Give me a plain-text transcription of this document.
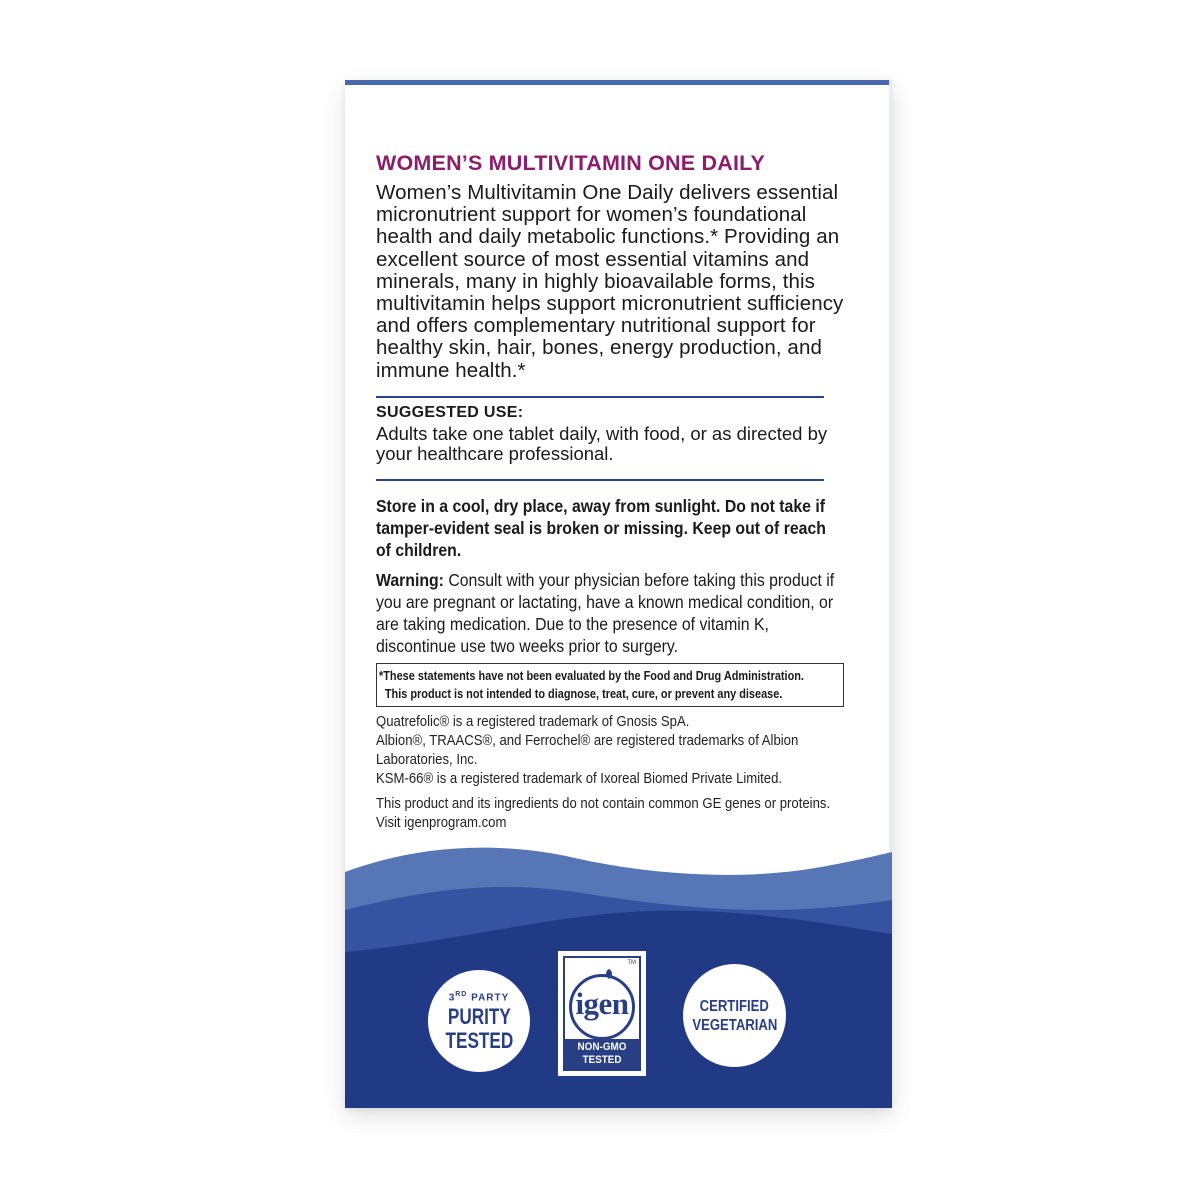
WOMEN’S MULTIVITAMIN ONE DAILY

Women’s Multivitamin One Daily delivers essential micronutrient support for women’s foundational health and daily metabolic functions.* Providing an excellent source of most essential vitamins and minerals, many in highly bioavailable forms, this multivitamin helps support micronutrient sufficiency and offers complementary nutritional support for healthy skin, hair, bones, energy production, and immune health.*

SUGGESTED USE:
Adults take one tablet daily, with food, or as directed by your healthcare professional.
Store in a cool, dry place, away from sunlight. Do not take if tamper-evident seal is broken or missing. Keep out of reach of children.
Warning: Consult with your physician before taking this product if you are pregnant or lactating, have a known medical condition, or are taking medication. Due to the presence of vitamin K, discontinue use two weeks prior to surgery.
*These statements have not been evaluated by the Food and Drug Administration.
This product is not intended to diagnose, treat, cure, or prevent any disease.

Quatrefolic® is a registered trademark of Gnosis SpA.

Albion®, TRAACS®, and Ferrochel® are registered trademarks of Albion Laboratories, Inc.

KSM-66® is a registered trademark of Ixoreal Biomed Private Limited.

This product and its ingredients do not contain common GE genes or proteins. Visit igenprogram.com

3RD PARTY
PURITY
TESTED
TM
igen
NON-GMO
TESTED
CERTIFIED
VEGETARIAN
